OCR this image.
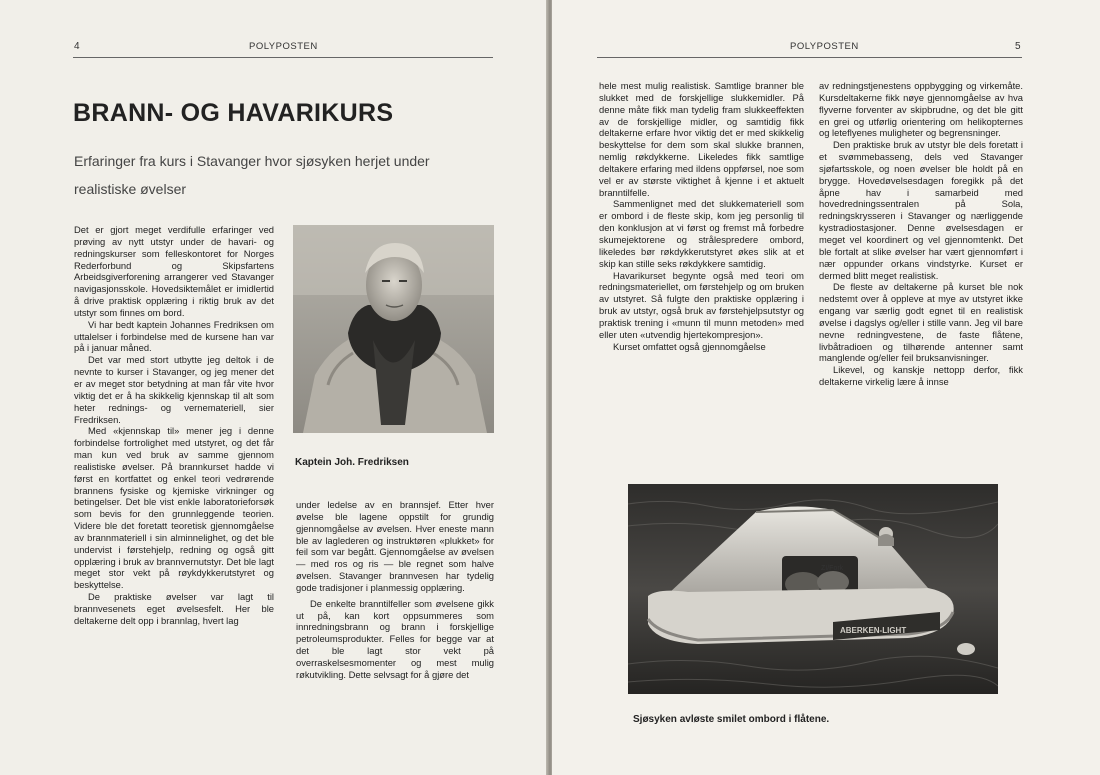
4	POLYPOSTEN
BRANN- OG HAVARIKURS
Erfaringer fra kurs i Stavanger hvor sjøsyken herjet under realistiske øvelser

Det er gjort meget verdifulle erfaringer ved prøving av nytt utstyr under de havari- og redningskurser som felleskontoret for Norges Rederforbund og Skipsfartens Arbeidsgiverforening arrangerer ved Stavanger navigasjonsskole. Hovedsiktemålet er imidlertid å drive praktisk opplæring i riktig bruk av det utstyr som finnes om bord.

Vi har bedt kaptein Johannes Fredriksen om uttalelser i forbindelse med de kursene han var på i januar måned.

Det var med stort utbytte jeg deltok i de nevnte to kurser i Stavanger, og jeg mener det er av meget stor betydning at man får vite hvor viktig det er å ha skikkelig kjennskap til alt som heter rednings- og vernemateriell, sier Fredriksen.

Med «kjennskap til» mener jeg i denne forbindelse fortrolighet med utstyret, og det får man kun ved bruk av samme gjennom realistiske øvelser. På brannkurset hadde vi først en kortfattet og enkel teori vedrørende brannens fysiske og kjemiske virkninger og betingelser. Det ble vist enkle laboratorieforsøk som bevis for den grunnleggende teorien. Videre ble det foretatt teoretisk gjennomgåelse av brannmateriell i sin alminnelighet, og det ble undervist i førstehjelp, redning og også gitt opplæring i bruk av brannvernutstyr. Det ble lagt meget stor vekt på røykdykkerutstyret og beskyttelse.

De praktiske øvelser var lagt til brannvesenets eget øvelsesfelt. Her ble deltakerne delt opp i brannlag, hvert lag

Kaptein Joh. Fredriksen

under ledelse av en brannsjef. Etter hver øvelse ble lagene oppstilt for grundig gjennomgåelse av øvelsen. Hver eneste mann ble av laglederen og instruktøren «plukket» for feil som var begått. Gjennomgåelse av øvelsen — med ros og ris — ble regnet som halve øvelsen. Stavanger brannvesen har tydelig gode tradisjoner i planmessig opplæring.

De enkelte branntilfeller som øvelsene gikk ut på, kan kort oppsummeres som innredningsbrann og brann i forskjellige petroleumsprodukter. Felles for begge var at det ble lagt stor vekt på overraskelsesmomenter og mest mulig røkutvikling. Dette selvsagt for å gjøre det

POLYPOSTEN	5

hele mest mulig realistisk. Samtlige branner ble slukket med de forskjellige slukkemidler. På denne måte fikk man tydelig fram slukkeeffekten av de forskjellige midler, og samtidig fikk deltakerne erfare hvor viktig det er med skikkelig beskyttelse for dem som skal slukke brannen, nemlig røkdykkerne. Likeledes fikk samtlige deltakere erfaring med ildens oppførsel, noe som vel er av største viktighet å kjenne i et aktuelt branntilfelle.

Sammenlignet med det slukkemateriell som er ombord i de fleste skip, kom jeg personlig til den konklusjon at vi først og fremst må forbedre skumejektorene og strålespredere ombord, likeledes bør røkdykkerutstyret økes slik at et skip kan stille seks røkdykkere samtidig.

Havarikurset begynte også med teori om redningsmateriellet, om førstehjelp og om bruken av utstyret. Så fulgte den praktiske opplæring i bruk av utstyr, også bruk av førstehjelpsutstyr og praktisk trening i «munn til munn metoden» med eller uten «utvendig hjertekompresjon».

Kurset omfattet også gjennomgåelse

av redningstjenestens oppbygging og virkemåte. Kursdeltakerne fikk nøye gjennomgåelse av hva flyverne forventer av skipbrudne, og det ble gitt en grei og utførlig orientering om helikopternes og leteflyenes muligheter og begrensninger.

Den praktiske bruk av utstyr ble dels foretatt i et svømmebasseng, dels ved Stavanger sjøfartsskole, og noen øvelser ble holdt på en brygge. Hovedøvelsesdagen foregikk på det åpne hav i samarbeid med hovedredningssentralen på Sola, redningskrysseren i Stavanger og nærliggende kystradiostasjoner. Denne øvelsesdagen er meget vel koordinert og vel gjennomtenkt. Det ble fortalt at slike øvelser har vært gjennomført i nær oppunder orkans vindstyrke. Kurset er dermed blitt meget realistisk.

De fleste av deltakerne på kurset ble nok nedstemt over å oppleve at mye av utstyret ikke engang var særlig godt egnet til en realistisk øvelse i dagslys og/eller i stille vann. Jeg vil bare nevne redningvestene, de faste flåtene, livbåtradioen og tilhørende antenner samt manglende og/eller feil bruksanvisninger.

Likevel, og kanskje nettopp derfor, fikk deltakerne virkelig lære å innse

ABERKEN-LIGHT
ZI/Fork
Sjøsyken avløste smilet ombord i flåtene.
